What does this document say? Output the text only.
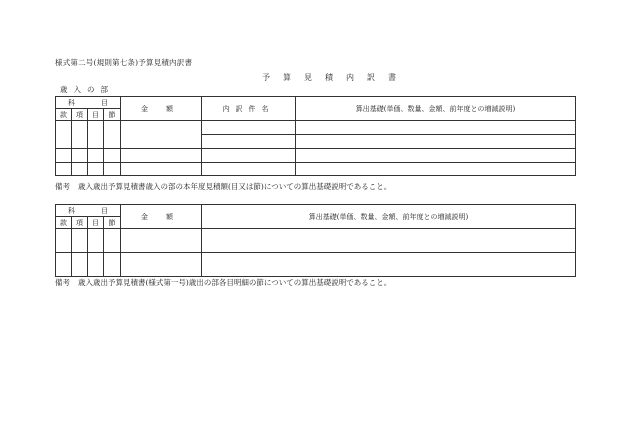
様式第二号(規則第七条)予算見積内訳書
予算見積内訳書
歳入の部
科 目				金額	内訳件名	算出基礎(単価、数量、金額、前年度との増減説明)
款	項	目	節			

備考 歳入歳出予算見積書歳入の部の本年度見積額(目又は節)についての算出基礎説明であること。
科 目				金額	算出基礎(単価、数量、金額、前年度との増減説明)
款	項	目	節		

備考 歳入歳出予算見積書(様式第一号)歳出の部各目明細の節についての算出基礎説明であること。
